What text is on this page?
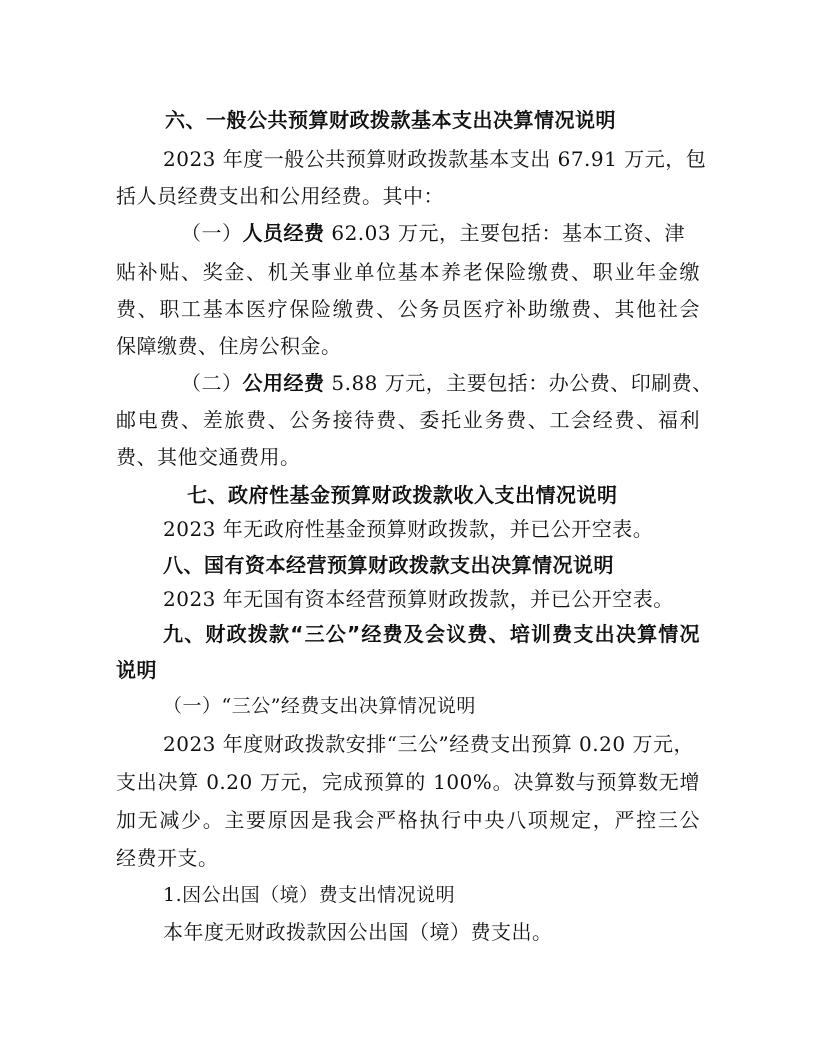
六、一般公共预算财政拨款基本支出决算情况说明
2023 年度一般公共预算财政拨款基本支出 67.91 万元，包
括人员经费支出和公用经费。其中：
（一）人员经费 62.03 万元，主要包括：基本工资、津
贴补贴、奖金、机关事业单位基本养老保险缴费、职业年金缴
费、职工基本医疗保险缴费、公务员医疗补助缴费、其他社会
保障缴费、住房公积金。
（二）公用经费 5.88 万元，主要包括：办公费、印刷费、
邮电费、差旅费、公务接待费、委托业务费、工会经费、福利
费、其他交通费用。
七、政府性基金预算财政拨款收入支出情况说明
2023 年无政府性基金预算财政拨款，并已公开空表。
八、国有资本经营预算财政拨款支出决算情况说明
2023 年无国有资本经营预算财政拨款，并已公开空表。
九、财政拨款“三公”经费及会议费、培训费支出决算情况
说明
（一）“三公”经费支出决算情况说明
2023 年度财政拨款安排“三公”经费支出预算 0.20 万元，
支出决算 0.20 万元，完成预算的 100%。决算数与预算数无增
加无减少。主要原因是我会严格执行中央八项规定，严控三公
经费开支。
1.因公出国（境）费支出情况说明
本年度无财政拨款因公出国（境）费支出。
